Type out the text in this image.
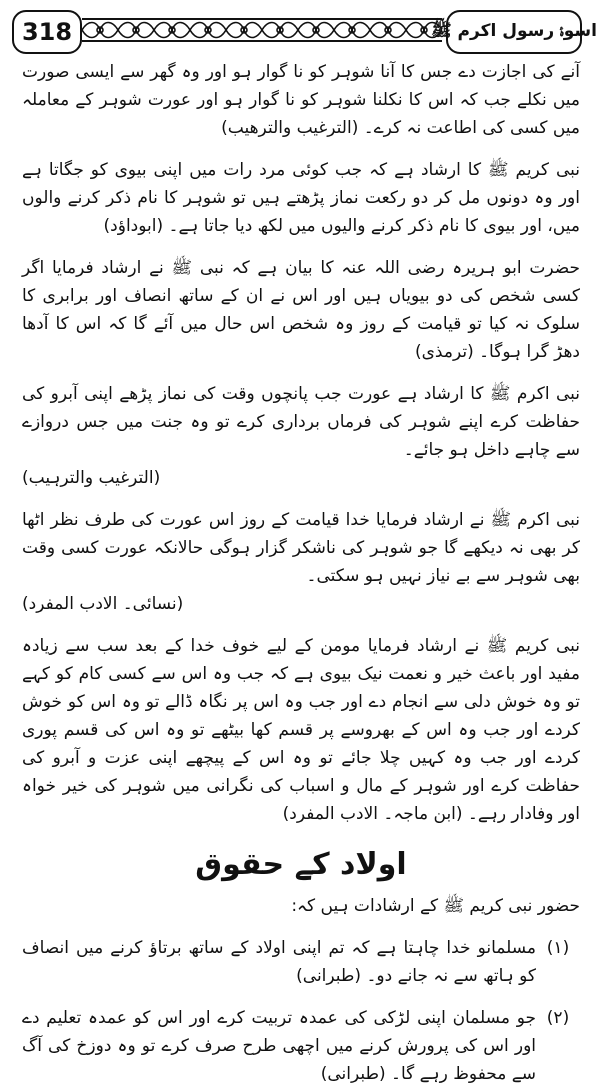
318	اسوۂ رسول اکرم ﷺ

آنے کی اجازت دے جس کا آنا شوہر کو نا گوار ہو اور وہ گھر سے ایسی صورت میں نکلے جب کہ اس کا نکلنا شوہر کو نا گوار ہو اور عورت شوہر کے معاملہ میں کسی کی اطاعت نہ کرے۔ (الترغیب والترھیب)

نبی کریم ﷺ کا ارشاد ہے کہ جب کوئی مرد رات میں اپنی بیوی کو جگاتا ہے اور وہ دونوں مل کر دو رکعت نماز پڑھتے ہیں تو شوہر کا نام ذکر کرنے والوں میں، اور بیوی کا نام ذکر کرنے والیوں میں لکھ دیا جاتا ہے۔ (ابوداؤد)

حضرت ابو ہریرہ رضی اللہ عنہ کا بیان ہے کہ نبی ﷺ نے ارشاد فرمایا اگر کسی شخص کی دو بیویاں ہیں اور اس نے ان کے ساتھ انصاف اور برابری کا سلوک نہ کیا تو قیامت کے روز وہ شخص اس حال میں آئے گا کہ اس کا آدھا دھڑ گرا ہوگا۔ (ترمذی)

نبی اکرم ﷺ کا ارشاد ہے عورت جب پانچوں وقت کی نماز پڑھے اپنی آبرو کی حفاظت کرے اپنے شوہر کی فرماں برداری کرے تو وہ جنت میں جس دروازے سے چاہے داخل ہو جائے۔

(الترغیب والترہیب)

نبی اکرم ﷺ نے ارشاد فرمایا خدا قیامت کے روز اس عورت کی طرف نظر اٹھا کر بھی نہ دیکھے گا جو شوہر کی ناشکر گزار ہوگی حالانکہ عورت کسی وقت بھی شوہر سے بے نیاز نہیں ہو سکتی۔

(نسائی۔ الادب المفرد)

نبی کریم ﷺ نے ارشاد فرمایا مومن کے لیے خوف خدا کے بعد سب سے زیادہ مفید اور باعث خیر و نعمت نیک بیوی ہے کہ جب وہ اس سے کسی کام کو کہے تو وہ خوش دلی سے انجام دے اور جب وہ اس پر نگاہ ڈالے تو وہ اس کو خوش کردے اور جب وہ اس کے بھروسے پر قسم کھا بیٹھے تو وہ اس کی قسم پوری کردے اور جب وہ کہیں چلا جائے تو وہ اس کے پیچھے اپنی عزت و آبرو کی حفاظت کرے اور شوہر کے مال و اسباب کی نگرانی میں شوہر کی خیر خواہ اور وفادار رہے۔ (ابن ماجہ۔ الادب المفرد)

اولاد کے حقوق

حضور نبی کریم ﷺ کے ارشادات ہیں کہ:

(۱)
مسلمانو خدا چاہتا ہے کہ تم اپنی اولاد کے ساتھ برتاؤ کرنے میں انصاف کو ہاتھ سے نہ جانے دو۔ (طبرانی)
(۲)
جو مسلمان اپنی لڑکی کی عمدہ تربیت کرے اور اس کو عمدہ تعلیم دے اور اس کی پرورش کرنے میں اچھی طرح صرف کرے تو وہ دوزخ کی آگ سے محفوظ رہے گا۔ (طبرانی)
